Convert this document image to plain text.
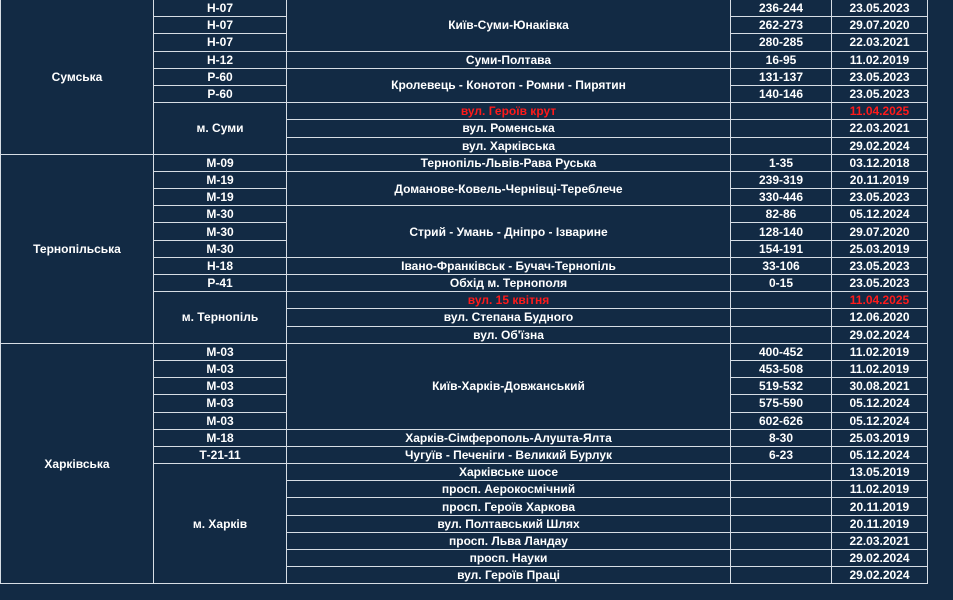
Сумська	Н-07	Київ-Суми-Юнаківка	236-244	23.05.2023	
	Н-07		262-273	29.07.2020	
	Н-07		280-285	22.03.2021	
	Н-12	Суми-Полтава	16-95	11.02.2019	
	Р-60	Кролевець - Конотоп - Ромни - Пирятин	131-137	23.05.2023	
	Р-60		140-146	23.05.2023	
	м. Суми	вул. Героїв крут		11.04.2025	
		вул. Роменська		22.03.2021	
		вул. Харківська		29.02.2024	
Тернопільська	М-09	Тернопіль-Львів-Рава Руська	1-35	03.12.2018	
	М-19	Доманове-Ковель-Чернівці-Тереблече	239-319	20.11.2019	
	М-19		330-446	23.05.2023	
	М-30	Стрий - Умань - Дніпро - Ізварине	82-86	05.12.2024	
	М-30		128-140	29.07.2020	
	М-30		154-191	25.03.2019	
	Н-18	Івано-Франківськ - Бучач-Тернопіль	33-106	23.05.2023	
	Р-41	Обхід м. Тернополя	0-15	23.05.2023	
	м. Тернопіль	вул. 15 квітня		11.04.2025	
		вул. Степана Будного		12.06.2020	
		вул. Об'їзна		29.02.2024	
Харківська	М-03	Київ-Харків-Довжанський	400-452	11.02.2019	
	М-03		453-508	11.02.2019	
	М-03		519-532	30.08.2021	
	М-03		575-590	05.12.2024	
	М-03		602-626	05.12.2024	
	М-18	Харків-Сімферополь-Алушта-Ялта	8-30	25.03.2019	
	Т-21-11	Чугуїв - Печеніги - Великий Бурлук	6-23	05.12.2024	
	м. Харків	Харківське шосе		13.05.2019	
		просп. Аерокосмічний		11.02.2019	
		просп. Героїв Харкова		20.11.2019	
		вул. Полтавський Шлях		20.11.2019	
		просп. Льва Ландау		22.03.2021	
		просп. Науки		29.02.2024	
		вул. Героїв Праці		29.02.2024	
